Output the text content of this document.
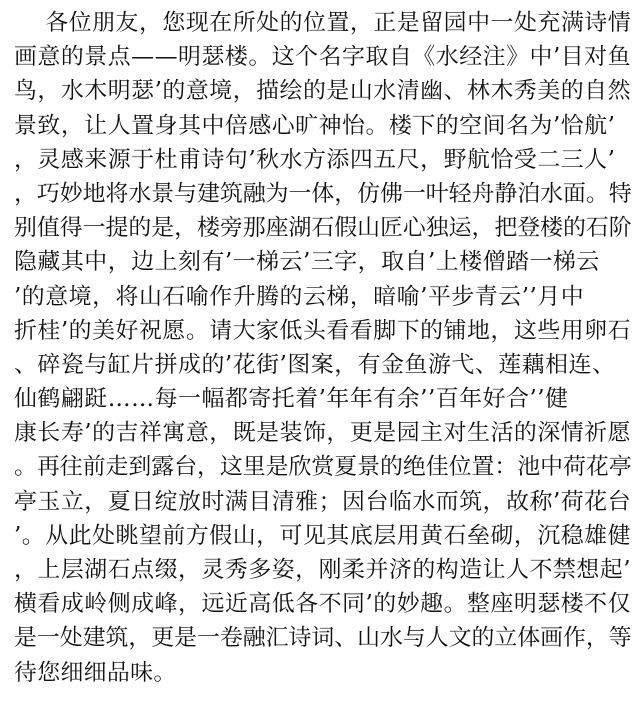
各位朋友，您现在所处的位置，正是留园中一处充满诗情
画意的景点——明瑟楼。这个名字取自《水经注》中’目对鱼
鸟，水木明瑟’的意境，描绘的是山水清幽、林木秀美的自然
景致，让人置身其中倍感心旷神怡。楼下的空间名为’恰航’
，灵感来源于杜甫诗句’秋水方添四五尺，野航恰受二三人’
，巧妙地将水景与建筑融为一体，仿佛一叶轻舟静泊水面。特
别值得一提的是，楼旁那座湖石假山匠心独运，把登楼的石阶
隐藏其中，边上刻有’一梯云’三字，取自’上楼僧踏一梯云
’的意境，将山石喻作升腾的云梯，暗喻’平步青云’’月中
折桂’的美好祝愿。请大家低头看看脚下的铺地，这些用卵石
、碎瓷与缸片拼成的’花街’图案，有金鱼游弋、莲藕相连、
仙鹤翩跹……每一幅都寄托着’年年有余’’百年好合’’健
康长寿’的吉祥寓意，既是装饰，更是园主对生活的深情祈愿
。再往前走到露台，这里是欣赏夏景的绝佳位置：池中荷花亭
亭玉立，夏日绽放时满目清雅；因台临水而筑，故称’荷花台
’。从此处眺望前方假山，可见其底层用黄石垒砌，沉稳雄健
，上层湖石点缀，灵秀多姿，刚柔并济的构造让人不禁想起’
横看成岭侧成峰，远近高低各不同’的妙趣。整座明瑟楼不仅
是一处建筑，更是一卷融汇诗词、山水与人文的立体画作，等
待您细细品味。
